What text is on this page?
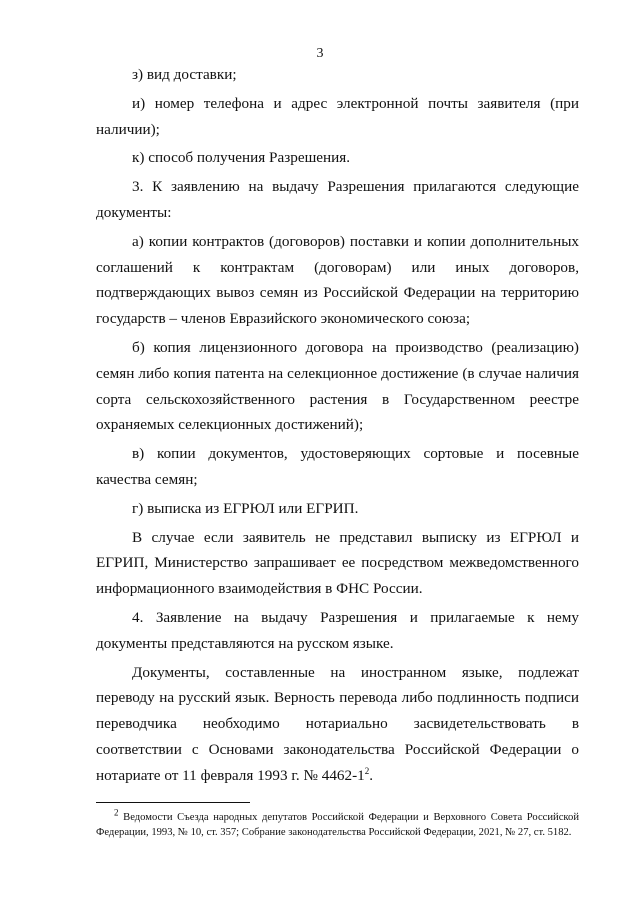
3

з) вид доставки;

и) номер телефона и адрес электронной почты заявителя (при наличии);

к) способ получения Разрешения.

3. К заявлению на выдачу Разрешения прилагаются следующие документы:

а) копии контрактов (договоров) поставки и копии дополнительных соглашений к контрактам (договорам) или иных договоров, подтверждающих вывоз семян из Российской Федерации на территорию государств – членов Евразийского экономического союза;

б) копия лицензионного договора на производство (реализацию) семян либо копия патента на селекционное достижение (в случае наличия сорта сельскохозяйственного растения в Государственном реестре охраняемых селекционных достижений);

в) копии документов, удостоверяющих сортовые и посевные качества семян;

г) выписка из ЕГРЮЛ или ЕГРИП.

В случае если заявитель не представил выписку из ЕГРЮЛ и ЕГРИП, Министерство запрашивает ее посредством межведомственного информационного взаимодействия в ФНС России.

4. Заявление на выдачу Разрешения и прилагаемые к нему документы представляются на русском языке.

Документы, составленные на иностранном языке, подлежат переводу на русский язык. Верность перевода либо подлинность подписи переводчика необходимо нотариально засвидетельствовать в соответствии с Основами законодательства Российской Федерации о нотариате от 11 февраля 1993 г. № $4462-1^2$.

$^2$ Ведомости Съезда народных депутатов Российской Федерации и Верховного Совета Российской Федерации, 1993, № 10, ст. 357; Собрание законодательства Российской Федерации, 2021, № 27, ст. 5182.
